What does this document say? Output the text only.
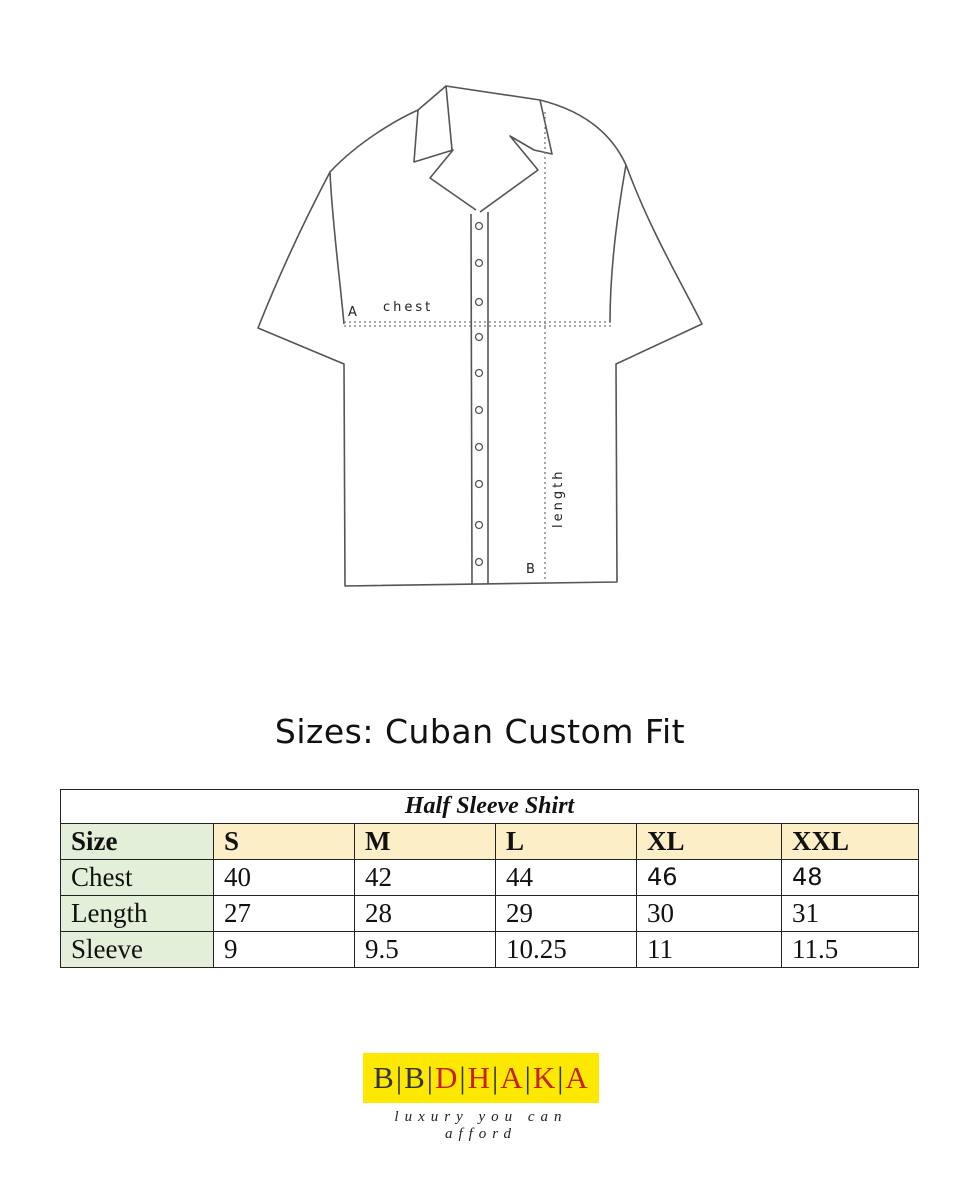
A chest
B
length
Sizes: Cuban Custom Fit
Half Sleeve Shirt					
Size	S	M	L	XL	XXL
Chest	40	42	44	46	48
Length	27	28	29	30	31
Sleeve	9	9.5	10.25	11	11.5
B | B | D | H | A | K | A
luxury you can afford
